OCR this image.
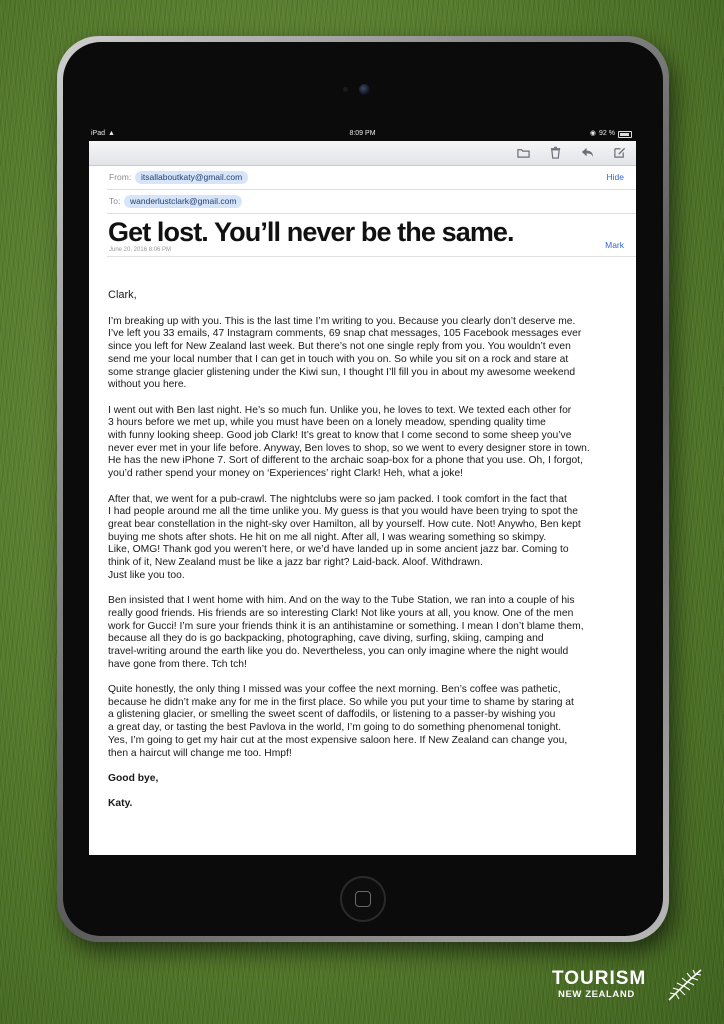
iPad ▲	8:09 PM	◉ 92 %
From:	itsallaboutkaty@gmail.com	Hide
To:	wanderlustclark@gmail.com
Get lost. You’ll never be the same.
June 20, 2016 8:06 PM	Mark

Clark,

I’m breaking up with you. This is the last time I’m writing to you. Because you clearly don’t deserve me.
I’ve left you 33 emails, 47 Instagram comments, 69 snap chat messages, 105 Facebook messages ever
since you left for New Zealand last week. But there’s not one single reply from you. You wouldn’t even
send me your local number that I can get in touch with you on. So while you sit on a rock and stare at
some strange glacier glistening under the Kiwi sun, I thought I’ll fill you in about my awesome weekend
without you here.

I went out with Ben last night. He’s so much fun. Unlike you, he loves to text. We texted each other for
3 hours before we met up, while you must have been on a lonely meadow, spending quality time
with funny looking sheep. Good job Clark! It’s great to know that I come second to some sheep you’ve
never ever met in your life before. Anyway, Ben loves to shop, so we went to every designer store in town.
He has the new iPhone 7. Sort of different to the archaic soap-box for a phone that you use. Oh, I forgot,
you’d rather spend your money on ‘Experiences’ right Clark! Heh, what a joke!

After that, we went for a pub-crawl. The nightclubs were so jam packed. I took comfort in the fact that
I had people around me all the time unlike you. My guess is that you would have been trying to spot the
great bear constellation in the night-sky over Hamilton, all by yourself. How cute. Not! Anywho, Ben kept
buying me shots after shots. He hit on me all night. After all, I was wearing something so skimpy.
Like, OMG! Thank god you weren’t here, or we’d have landed up in some ancient jazz bar. Coming to
think of it, New Zealand must be like a jazz bar right? Laid-back. Aloof. Withdrawn.
Just like you too.

Ben insisted that I went home with him. And on the way to the Tube Station, we ran into a couple of his
really good friends. His friends are so interesting Clark! Not like yours at all, you know. One of the men
work for Gucci! I’m sure your friends think it is an antihistamine or something. I mean I don’t blame them,
because all they do is go backpacking, photographing, cave diving, surfing, skiing, camping and
travel-writing around the earth like you do. Nevertheless, you can only imagine where the night would
have gone from there. Tch tch!

Quite honestly, the only thing I missed was your coffee the next morning. Ben’s coffee was pathetic,
because he didn’t make any for me in the first place. So while you put your time to shame by staring at
a glistening glacier, or smelling the sweet scent of daffodils, or listening to a passer-by wishing you
a great day, or tasting the best Pavlova in the world, I’m going to do something phenomenal tonight.
Yes, I’m going to get my hair cut at the most expensive saloon here. If New Zealand can change you,
then a haircut will change me too. Hmpf!

Good bye,

Katy.

TOURISM
NEW ZEALAND
